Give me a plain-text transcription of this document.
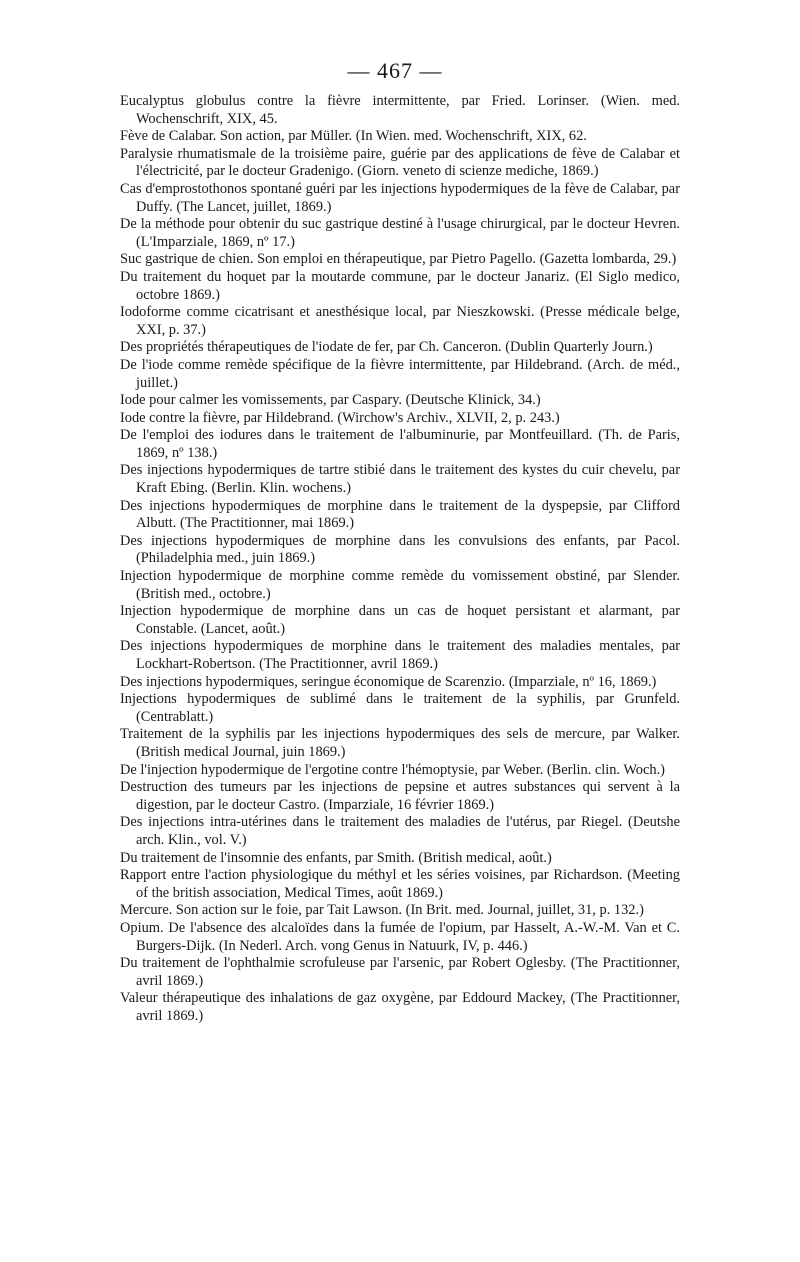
— 467 —

Eucalyptus globulus contre la fièvre intermittente, par Fried. Lorinser. (Wien. med. Wochenschrift, XIX, 45.

Fève de Calabar. Son action, par Müller. (In Wien. med. Wochenschrift, XIX, 62.

Paralysie rhumatismale de la troisième paire, guérie par des applications de fève de Calabar et l'électricité, par le docteur Gradenigo. (Giorn. veneto di scienze mediche, 1869.)

Cas d'emprostothonos spontané guéri par les injections hypodermiques de la fève de Calabar, par Duffy. (The Lancet, juillet, 1869.)

De la méthode pour obtenir du suc gastrique destiné à l'usage chirurgical, par le docteur Hevren. (L'Imparziale, 1869, nº 17.)

Suc gastrique de chien. Son emploi en thérapeutique, par Pietro Pagello. (Gazetta lombarda, 29.)

Du traitement du hoquet par la moutarde commune, par le docteur Janariz. (El Siglo medico, octobre 1869.)

Iodoforme comme cicatrisant et anesthésique local, par Nieszkowski. (Presse médicale belge, XXI, p. 37.)

Des propriétés thérapeutiques de l'iodate de fer, par Ch. Canceron. (Dublin Quarterly Journ.)

De l'iode comme remède spécifique de la fièvre intermittente, par Hildebrand. (Arch. de méd., juillet.)

Iode pour calmer les vomissements, par Caspary. (Deutsche Klinick, 34.)

Iode contre la fièvre, par Hildebrand. (Wirchow's Archiv., XLVII, 2, p. 243.)

De l'emploi des iodures dans le traitement de l'albuminurie, par Montfeuillard. (Th. de Paris, 1869, nº 138.)

Des injections hypodermiques de tartre stibié dans le traitement des kystes du cuir chevelu, par Kraft Ebing. (Berlin. Klin. wochens.)

Des injections hypodermiques de morphine dans le traitement de la dyspepsie, par Clifford Albutt. (The Practitionner, mai 1869.)

Des injections hypodermiques de morphine dans les convulsions des enfants, par Pacol. (Philadelphia med., juin 1869.)

Injection hypodermique de morphine comme remède du vomissement obstiné, par Slender. (British med., octobre.)

Injection hypodermique de morphine dans un cas de hoquet persistant et alarmant, par Constable. (Lancet, août.)

Des injections hypodermiques de morphine dans le traitement des maladies mentales, par Lockhart-Robertson. (The Practitionner, avril 1869.)

Des injections hypodermiques, seringue économique de Scarenzio. (Imparziale, nº 16, 1869.)

Injections hypodermiques de sublimé dans le traitement de la syphilis, par Grunfeld. (Centrablatt.)

Traitement de la syphilis par les injections hypodermiques des sels de mercure, par Walker. (British medical Journal, juin 1869.)

De l'injection hypodermique de l'ergotine contre l'hémoptysie, par Weber. (Berlin. clin. Woch.)

Destruction des tumeurs par les injections de pepsine et autres substances qui servent à la digestion, par le docteur Castro. (Imparziale, 16 février 1869.)

Des injections intra-utérines dans le traitement des maladies de l'utérus, par Riegel. (Deutshe arch. Klin., vol. V.)

Du traitement de l'insomnie des enfants, par Smith. (British medical, août.)

Rapport entre l'action physiologique du méthyl et les séries voisines, par Richardson. (Meeting of the british association, Medical Times, août 1869.)

Mercure. Son action sur le foie, par Tait Lawson. (In Brit. med. Journal, juillet, 31, p. 132.)

Opium. De l'absence des alcaloïdes dans la fumée de l'opium, par Hasselt, A.-W.-M. Van et C. Burgers-Dijk. (In Nederl. Arch. vong Genus in Natuurk, IV, p. 446.)

Du traitement de l'ophthalmie scrofuleuse par l'arsenic, par Robert Oglesby. (The Practitionner, avril 1869.)

Valeur thérapeutique des inhalations de gaz oxygène, par Eddourd Mackey, (The Practitionner, avril 1869.)
